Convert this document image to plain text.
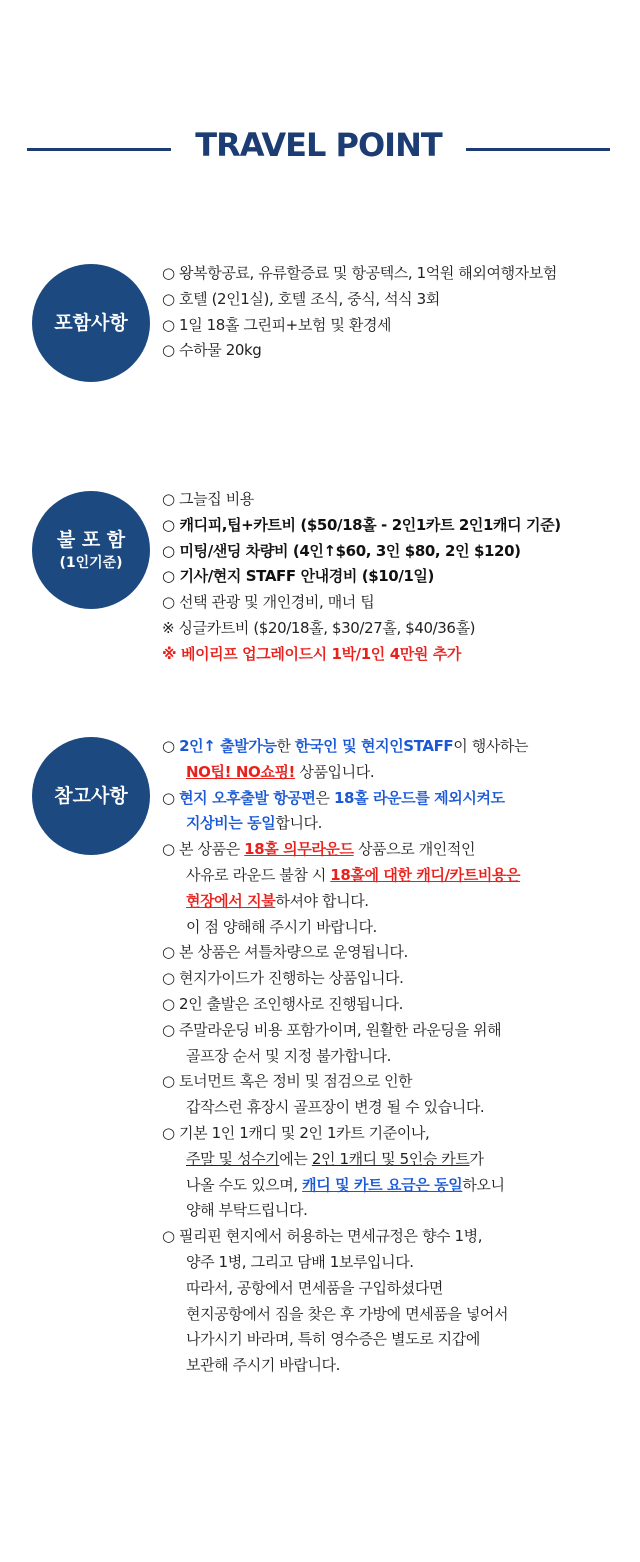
TRAVEL POINT
포함사항
○ 왕복항공료, 유류할증료 및 항공텍스, 1억원 해외여행자보험
○ 호텔 (2인1실), 호텔 조식, 중식, 석식 3회
○ 1일 18홀 그린피+보험 및 환경세
○ 수하물 20kg
불 포 함
(1인기준)
○ 그늘집 비용
○ 캐디피,팁+카트비 ($50/18홀 - 2인1카트 2인1캐디 기준)
○ 미팅/샌딩 차량비 (4인↑$60, 3인 $80, 2인 $120)
○ 기사/현지 STAFF 안내경비 ($10/1일)
○ 선택 관광 및 개인경비, 매너 팁
※ 싱글카트비 ($20/18홀, $30/27홀, $40/36홀)
※ 베이리프 업그레이드시 1박/1인 4만원 추가
참고사항
○ 2인↑ 출발가능한 한국인 및 현지인STAFF이 행사하는
NO팁! NO쇼핑! 상품입니다.
○ 현지 오후출발 항공편은 18홀 라운드를 제외시켜도
지상비는 동일합니다.
○ 본 상품은 18홀 의무라운드 상품으로 개인적인
사유로 라운드 불참 시 18홀에 대한 캐디/카트비용은
현장에서 지불하셔야 합니다.
이 점 양해해 주시기 바랍니다.
○ 본 상품은 셔틀차량으로 운영됩니다.
○ 현지가이드가 진행하는 상품입니다.
○ 2인 출발은 조인행사로 진행됩니다.
○ 주말라운딩 비용 포함가이며, 원활한 라운딩을 위해
골프장 순서 및 지정 불가합니다.
○ 토너먼트 혹은 정비 및 점검으로 인한
갑작스런 휴장시 골프장이 변경 될 수 있습니다.
○ 기본 1인 1캐디 및 2인 1카트 기준이나,
주말 및 성수기에는 2인 1캐디 및 5인승 카트가
나올 수도 있으며, 캐디 및 카트 요금은 동일하오니
양해 부탁드립니다.
○ 필리핀 현지에서 허용하는 면세규정은 향수 1병,
양주 1병, 그리고 담배 1보루입니다.
따라서, 공항에서 면세품을 구입하셨다면
현지공항에서 짐을 찾은 후 가방에 면세품을 넣어서
나가시기 바라며, 특히 영수증은 별도로 지갑에
보관해 주시기 바랍니다.
